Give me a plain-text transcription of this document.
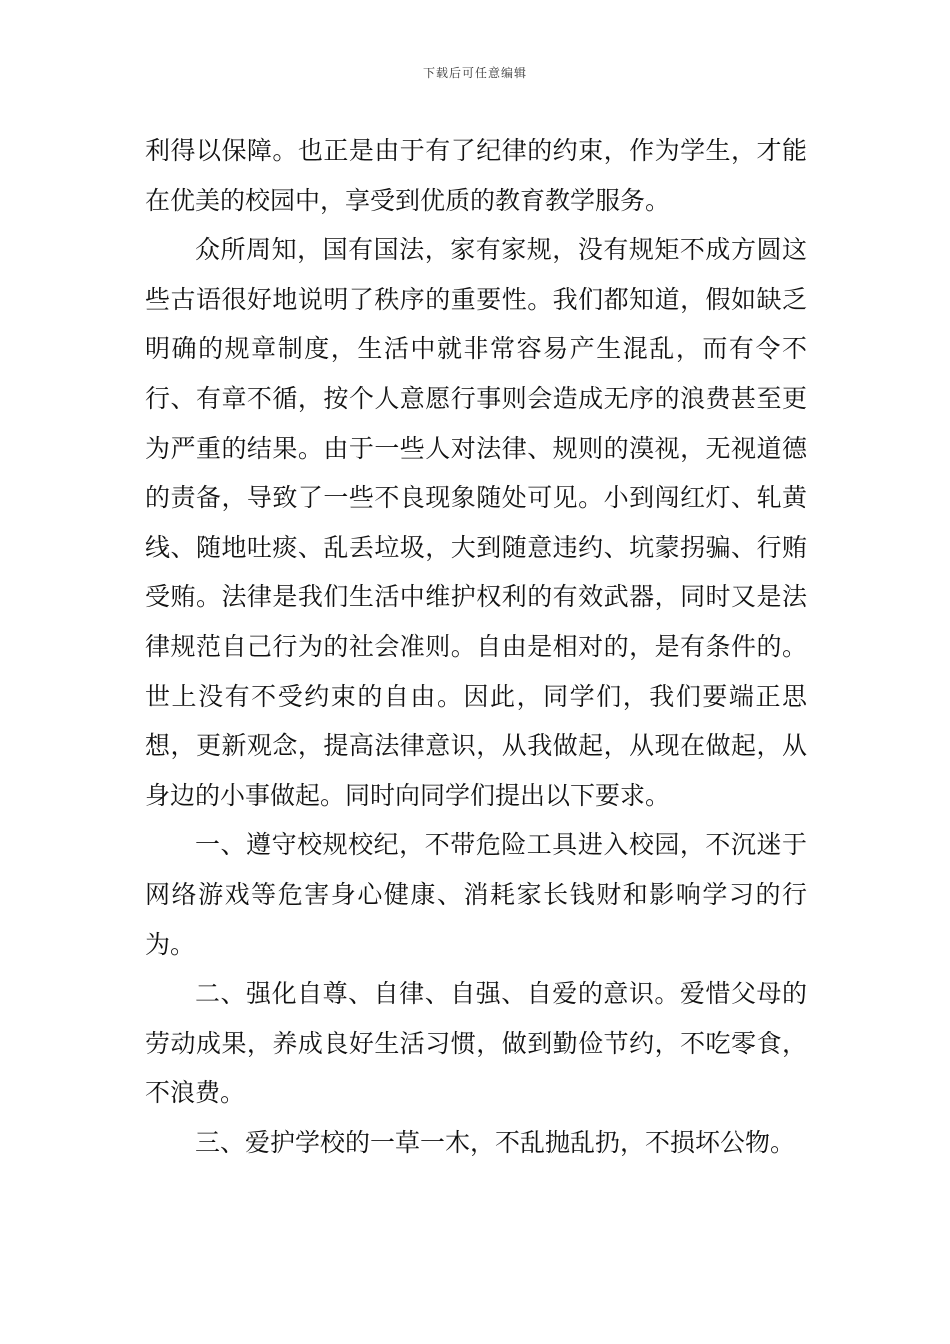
下载后可任意编辑

利得以保障。也正是由于有了纪律的约束，作为学生，才能在优美的校园中，享受到优质的教育教学服务。

众所周知，国有国法，家有家规，没有规矩不成方圆这些古语很好地说明了秩序的重要性。我们都知道，假如缺乏明确的规章制度，生活中就非常容易产生混乱，而有令不行、有章不循，按个人意愿行事则会造成无序的浪费甚至更为严重的结果。由于一些人对法律、规则的漠视，无视道德的责备，导致了一些不良现象随处可见。小到闯红灯、轧黄线、随地吐痰、乱丢垃圾，大到随意违约、坑蒙拐骗、行贿受贿。法律是我们生活中维护权利的有效武器，同时又是法律规范自己行为的社会准则。自由是相对的，是有条件的。世上没有不受约束的自由。因此，同学们，我们要端正思想，更新观念，提高法律意识，从我做起，从现在做起，从身边的小事做起。同时向同学们提出以下要求。

一、遵守校规校纪，不带危险工具进入校园，不沉迷于网络游戏等危害身心健康、消耗家长钱财和影响学习的行为。

二、强化自尊、自律、自强、自爱的意识。爱惜父母的劳动成果，养成良好生活习惯，做到勤俭节约，不吃零食，不浪费。

三、爱护学校的一草一木，不乱抛乱扔，不损坏公物。
